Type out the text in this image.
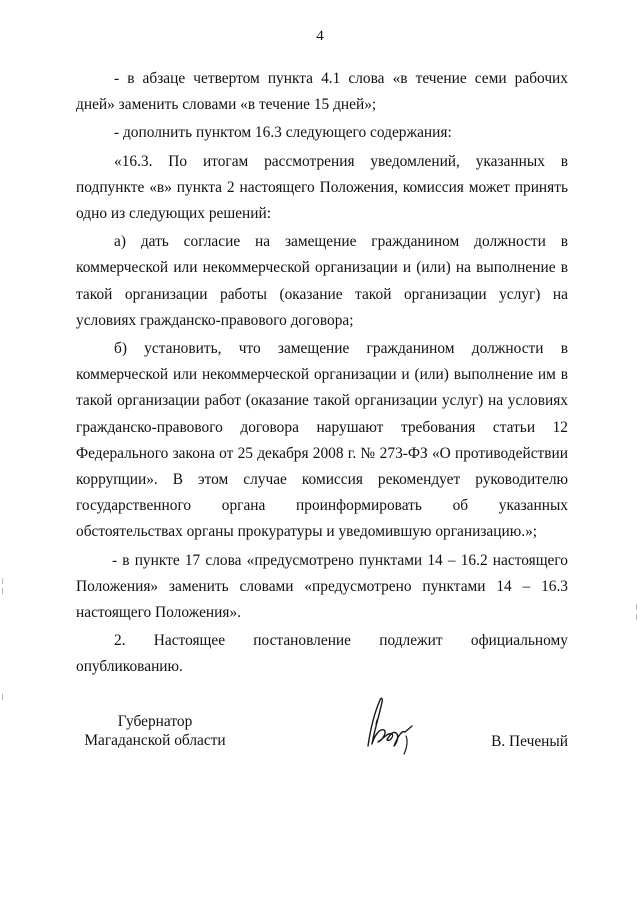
4

- в абзаце четвертом пункта 4.1 слова «в течение семи рабочих дней» заменить словами «в течение 15 дней»;

- дополнить пунктом 16.3 следующего содержания:

«16.3. По итогам рассмотрения уведомлений, указанных в подпункте «в» пункта 2 настоящего Положения, комиссия может принять одно из следующих решений:

а) дать согласие на замещение гражданином должности в коммерческой или некоммерческой организации и (или) на выполнение в такой организации работы (оказание такой организации услуг) на условиях гражданско-правового договора;

б) установить, что замещение гражданином должности в коммерческой или некоммерческой организации и (или) выполнение им в такой организации работ (оказание такой организации услуг) на условиях гражданско-правового договора нарушают требования статьи 12 Федерального закона от 25 декабря 2008 г. № 273-ФЗ «О противодействии коррупции». В этом случае комиссия рекомендует руководителю государственного органа проинформировать об указанных обстоятельствах органы прокуратуры и уведомившую организацию.»;

- в пункте 17 слова «предусмотрено пунктами 14 – 16.2 настоящего Положения» заменить словами «предусмотрено пунктами 14 – 16.3 настоящего Положения».

2. Настоящее постановление подлежит официальному опубликованию.

Губернатор
Магаданской области	В. Печеный
